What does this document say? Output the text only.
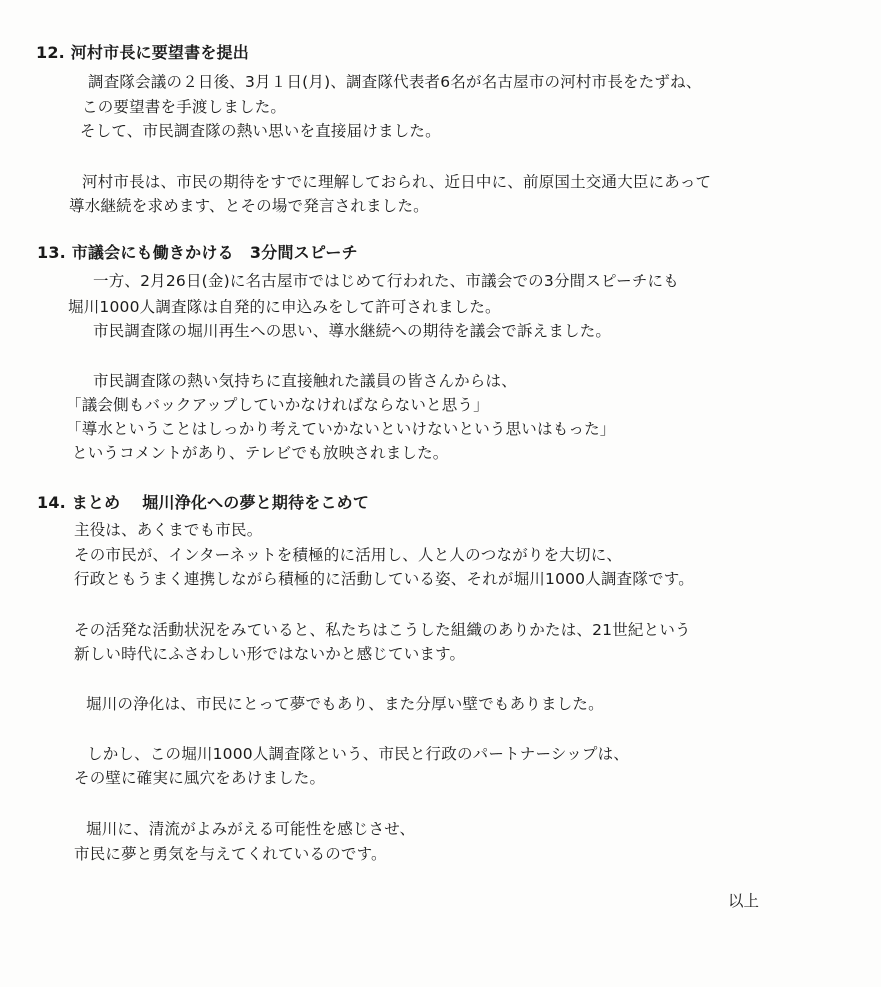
12. 河村市長に要望書を提出
調査隊会議の２日後、3月１日(月)、調査隊代表者6名が名古屋市の河村市長をたずね、
この要望書を手渡しました。
そして、市民調査隊の熱い思いを直接届けました。
河村市長は、市民の期待をすでに理解しておられ、近日中に、前原国土交通大臣にあって
導水継続を求めます、とその場で発言されました。
13. 市議会にも働きかける　3分間スピーチ
一方、2月26日(金)に名古屋市ではじめて行われた、市議会での3分間スピーチにも
堀川1000人調査隊は自発的に申込みをして許可されました。
市民調査隊の堀川再生への思い、導水継続への期待を議会で訴えました。
市民調査隊の熱い気持ちに直接触れた議員の皆さんからは、
「議会側もバックアップしていかなければならないと思う」
「導水ということはしっかり考えていかないといけないという思いはもった」
というコメントがあり、テレビでも放映されました。
14. まとめ　 堀川浄化への夢と期待をこめて
主役は、あくまでも市民。
その市民が、インターネットを積極的に活用し、人と人のつながりを大切に、
行政ともうまく連携しながら積極的に活動している姿、それが堀川1000人調査隊です。
その活発な活動状況をみていると、私たちはこうした組織のありかたは、21世紀という
新しい時代にふさわしい形ではないかと感じています。
堀川の浄化は、市民にとって夢でもあり、また分厚い壁でもありました。
しかし、この堀川1000人調査隊という、市民と行政のパートナーシップは、
その壁に確実に風穴をあけました。
堀川に、清流がよみがえる可能性を感じさせ、
市民に夢と勇気を与えてくれているのです。
以上
